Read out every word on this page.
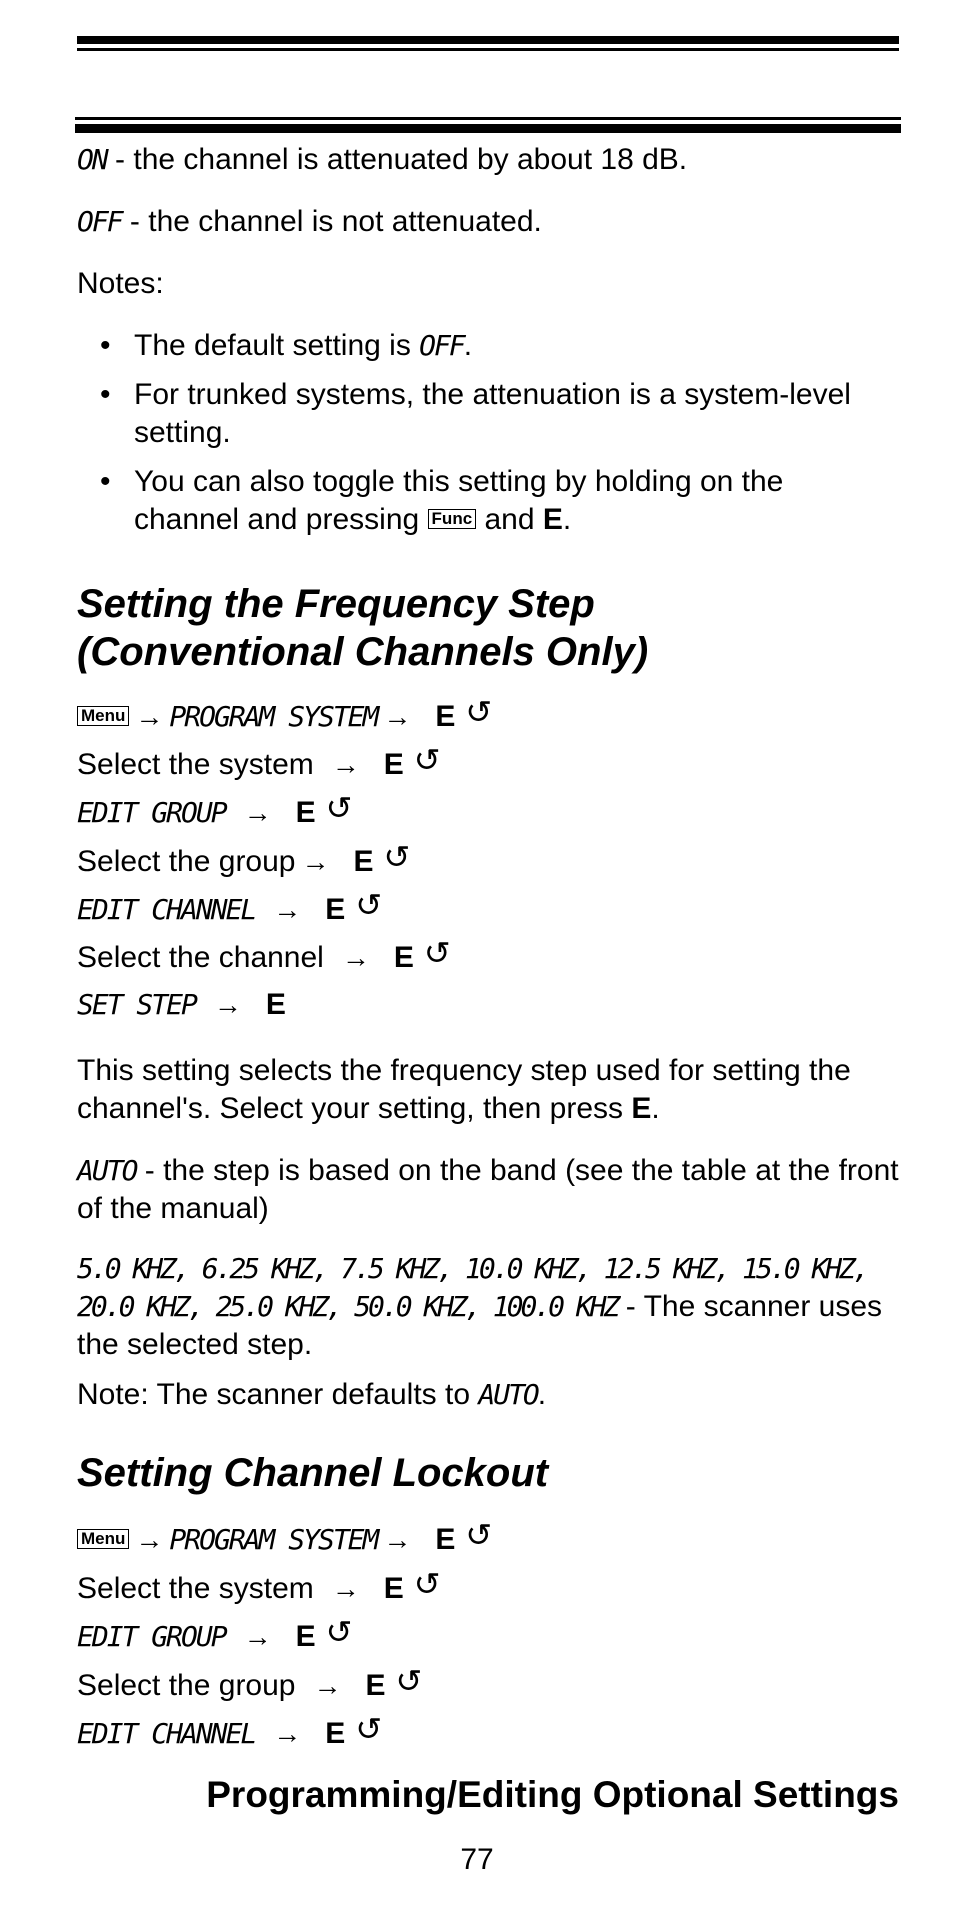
ON - the channel is attenuated by about 18 dB.
OFF - the channel is not attenuated.
Notes:
• The default setting is OFF.
• For trunked systems, the attenuation is a system-level setting.
• You can also toggle this setting by holding on the channel and pressing Func and E.
Setting the Frequency Step
(Conventional Channels Only)
Menu → PROGRAM SYSTEM → E ↺
Select the system → E ↺
EDIT GROUP → E ↺
Select the group → E ↺
EDIT CHANNEL → E ↺
Select the channel → E ↺
SET STEP → E
This setting selects the frequency step used for setting the channel's. Select your setting, then press E.
AUTO - the step is based on the band (see the table at the front of the manual)
5.0 KHZ, 6.25 KHZ, 7.5 KHZ, 10.0 KHZ, 12.5 KHZ, 15.0 KHZ,
20.0 KHZ, 25.0 KHZ, 50.0 KHZ, 100.0 KHZ - The scanner uses the selected step.
Note: The scanner defaults to AUTO.
Setting Channel Lockout
Menu → PROGRAM SYSTEM → E ↺
Select the system → E ↺
EDIT GROUP → E ↺
Select the group → E ↺
EDIT CHANNEL → E ↺
Programming/Editing Optional Settings
77
